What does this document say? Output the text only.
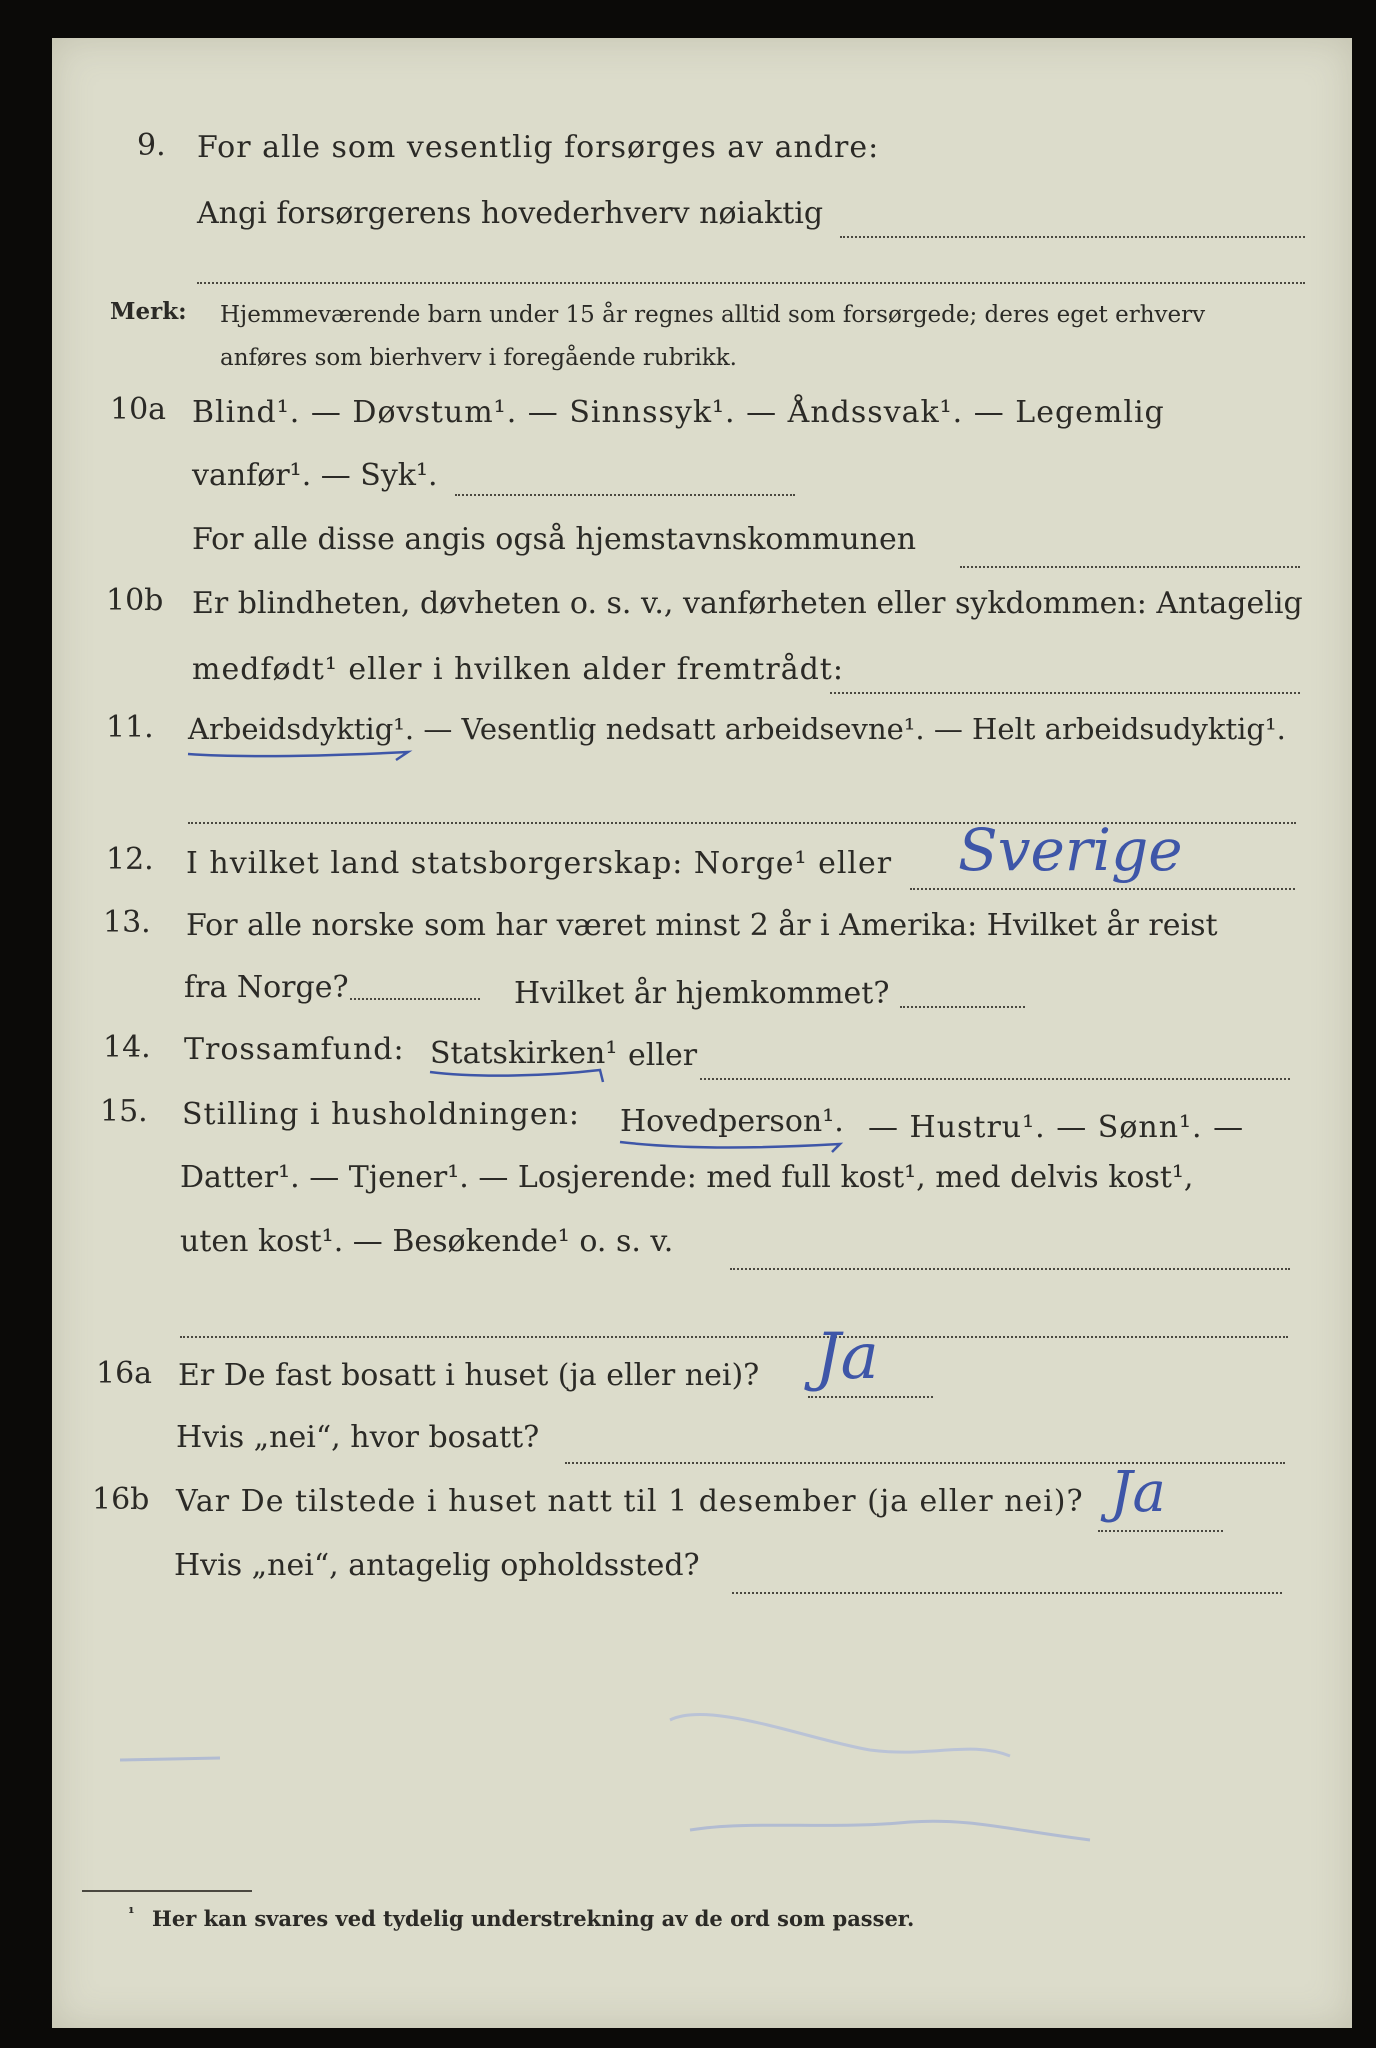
9. For alle som vesentlig forsørges av andre:
Angi forsørgerens hovederhverv nøiaktig
Merk: Hjemmeværende barn under 15 år regnes alltid som forsørgede; deres eget erhverv
anføres som bierhverv i foregående rubrikk.
10a Blind¹. — Døvstum¹. — Sinnssyk¹. — Åndssvak¹. — Legemlig
vanfør¹. — Syk¹.
For alle disse angis også hjemstavnskommunen
10b Er blindheten, døvheten o. s. v., vanførheten eller sykdommen: Antagelig
medfødt¹ eller i hvilken alder fremtrådt:
11. Arbeidsdyktig¹. — Vesentlig nedsatt arbeidsevne¹. — Helt arbeidsudyktig¹.
12. I hvilket land statsborgerskap: Norge¹ eller Sverige
13. For alle norske som har været minst 2 år i Amerika: Hvilket år reist
fra Norge?	Hvilket år hjemkommet?
14. Trossamfund: Statskirken¹ eller
15. Stilling i husholdningen: Hovedperson¹. — Hustru¹. — Sønn¹. —
Datter¹. — Tjener¹. — Losjerende: med full kost¹, med delvis kost¹,
uten kost¹. — Besøkende¹ o. s. v.
16a Er De fast bosatt i huset (ja eller nei)? Ja
Hvis „nei“, hvor bosatt?
16b Var De tilstede i huset natt til 1 desember (ja eller nei)? Ja
Hvis „nei“, antagelig opholdssted?
¹ Her kan svares ved tydelig understrekning av de ord som passer.
